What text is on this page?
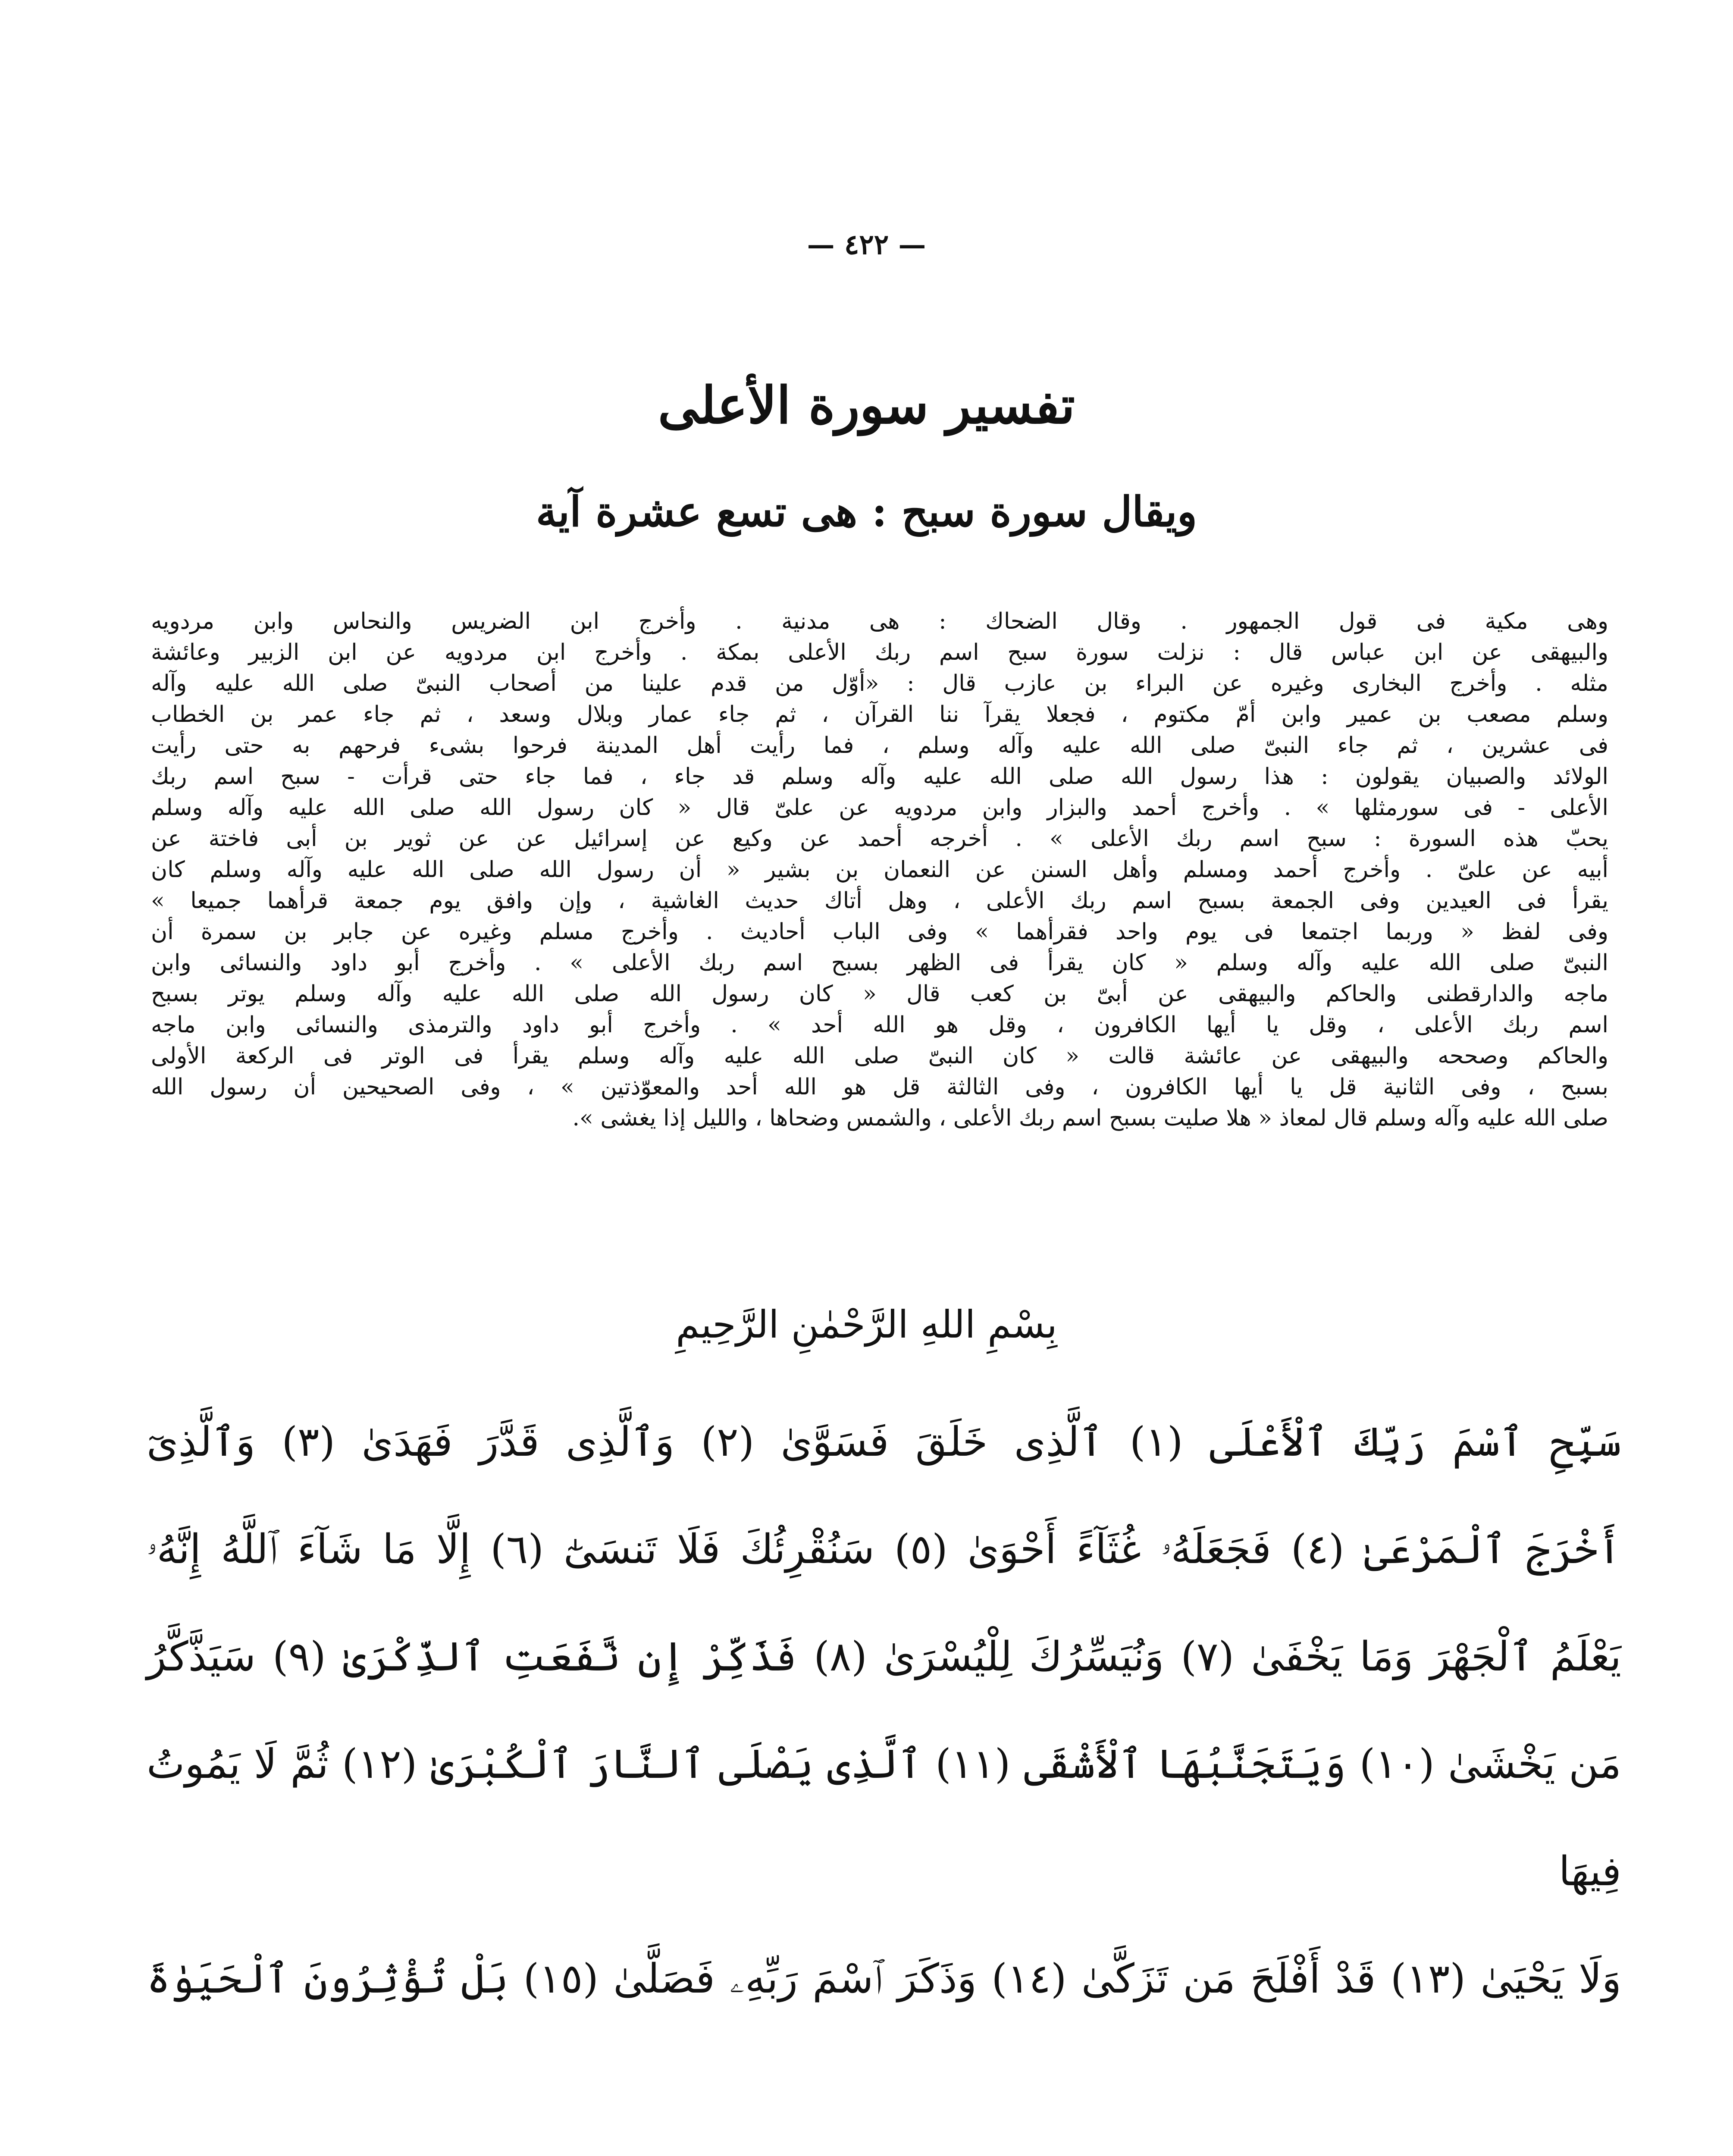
— ٤٢٢ —
تفسير سورة الأعلى
ويقال سورة سبح : هى تسع عشرة آية
وهى مكية فى قول الجمهور . وقال الضحاك : هى مدنية . وأخرج ابن الضريس والنحاس وابن مردويه
والبيهقى عن ابن عباس قال : نزلت سورة سبح اسم ربك الأعلى بمكة . وأخرج ابن مردويه عن ابن الزبير وعائشة
مثله . وأخرج البخارى وغيره عن البراء بن عازب قال : «أوّل من قدم علينا من أصحاب النبىّ صلى الله عليه وآله
وسلم مصعب بن عمير وابن أمّ مكتوم ، فجعلا يقرآ ننا القرآن ، ثم جاء عمار وبلال وسعد ، ثم جاء عمر بن الخطاب
فى عشرين ، ثم جاء النبىّ صلى الله عليه وآله وسلم ، فما رأيت أهل المدينة فرحوا بشىء فرحهم به حتى رأيت
الولائد والصبيان يقولون : هذا رسول الله صلى الله عليه وآله وسلم قد جاء ، فما جاء حتى قرأت - سبح اسم ربك
الأعلى - فى سورمثلها » . وأخرج أحمد والبزار وابن مردويه عن علىّ قال « كان رسول الله صلى الله عليه وآله وسلم
يحبّ هذه السورة : سبح اسم ربك الأعلى » . أخرجه أحمد عن وكيع عن إسرائيل عن عن ثوير بن أبى فاختة عن
أبيه عن علىّ . وأخرج أحمد ومسلم وأهل السنن عن النعمان بن بشير « أن رسول الله صلى الله عليه وآله وسلم كان
يقرأ فى العيدين وفى الجمعة بسبح اسم ربك الأعلى ، وهل أتاك حديث الغاشية ، وإن وافق يوم جمعة قرأهما جميعا »
وفى لفظ « وربما اجتمعا فى يوم واحد فقرأهما » وفى الباب أحاديث . وأخرج مسلم وغيره عن جابر بن سمرة أن
النبىّ صلى الله عليه وآله وسلم « كان يقرأ فى الظهر بسبح اسم ربك الأعلى » . وأخرج أبو داود والنسائى وابن
ماجه والدارقطنى والحاكم والبيهقى عن أبىّ بن كعب قال « كان رسول الله صلى الله عليه وآله وسلم يوتر بسبح
اسم ربك الأعلى ، وقل يا أيها الكافرون ، وقل هو الله أحد » . وأخرج أبو داود والترمذى والنسائى وابن ماجه
والحاكم وصححه والبيهقى عن عائشة قالت « كان النبىّ صلى الله عليه وآله وسلم يقرأ فى الوتر فى الركعة الأولى
بسبح ، وفى الثانية قل يا أيها الكافرون ، وفى الثالثة قل هو الله أحد والمعوّذتين » ، وفى الصحيحين أن رسول الله
صلى الله عليه وآله وسلم قال لمعاذ « هلا صليت بسبح اسم ربك الأعلى ، والشمس وضحاها ، والليل إذا يغشى ».
بِسْمِ اللهِ الرَّحْمٰنِ الرَّحِيمِ
سَبِّحِ ٱسْمَ رَبِّكَ ٱلْأَعْلَى (١) ٱلَّذِى خَلَقَ فَسَوَّىٰ (٢) وَٱلَّذِى قَدَّرَ فَهَدَىٰ (٣) وَٱلَّذِىٓ
أَخْرَجَ ٱلْمَرْعَىٰ (٤) فَجَعَلَهُۥ غُثَآءً أَحْوَىٰ (٥) سَنُقْرِئُكَ فَلَا تَنسَىٰٓ (٦) إِلَّا مَا شَآءَ ٱللَّهُ إِنَّهُۥ
يَعْلَمُ ٱلْجَهْرَ وَمَا يَخْفَىٰ (٧) وَنُيَسِّرُكَ لِلْيُسْرَىٰ (٨) فَذَكِّرْ إِن نَّفَعَتِ ٱلذِّكْرَىٰ (٩) سَيَذَّكَّرُ
مَن يَخْشَىٰ (١٠) وَيَتَجَنَّبُهَا ٱلْأَشْقَى (١١) ٱلَّذِى يَصْلَى ٱلنَّارَ ٱلْكُبْرَىٰ (١٢) ثُمَّ لَا يَمُوتُ فِيهَا
وَلَا يَحْيَىٰ (١٣) قَدْ أَفْلَحَ مَن تَزَكَّىٰ (١٤) وَذَكَرَ ٱسْمَ رَبِّهِۦ فَصَلَّىٰ (١٥) بَلْ تُؤْثِرُونَ ٱلْحَيَوٰةَ
